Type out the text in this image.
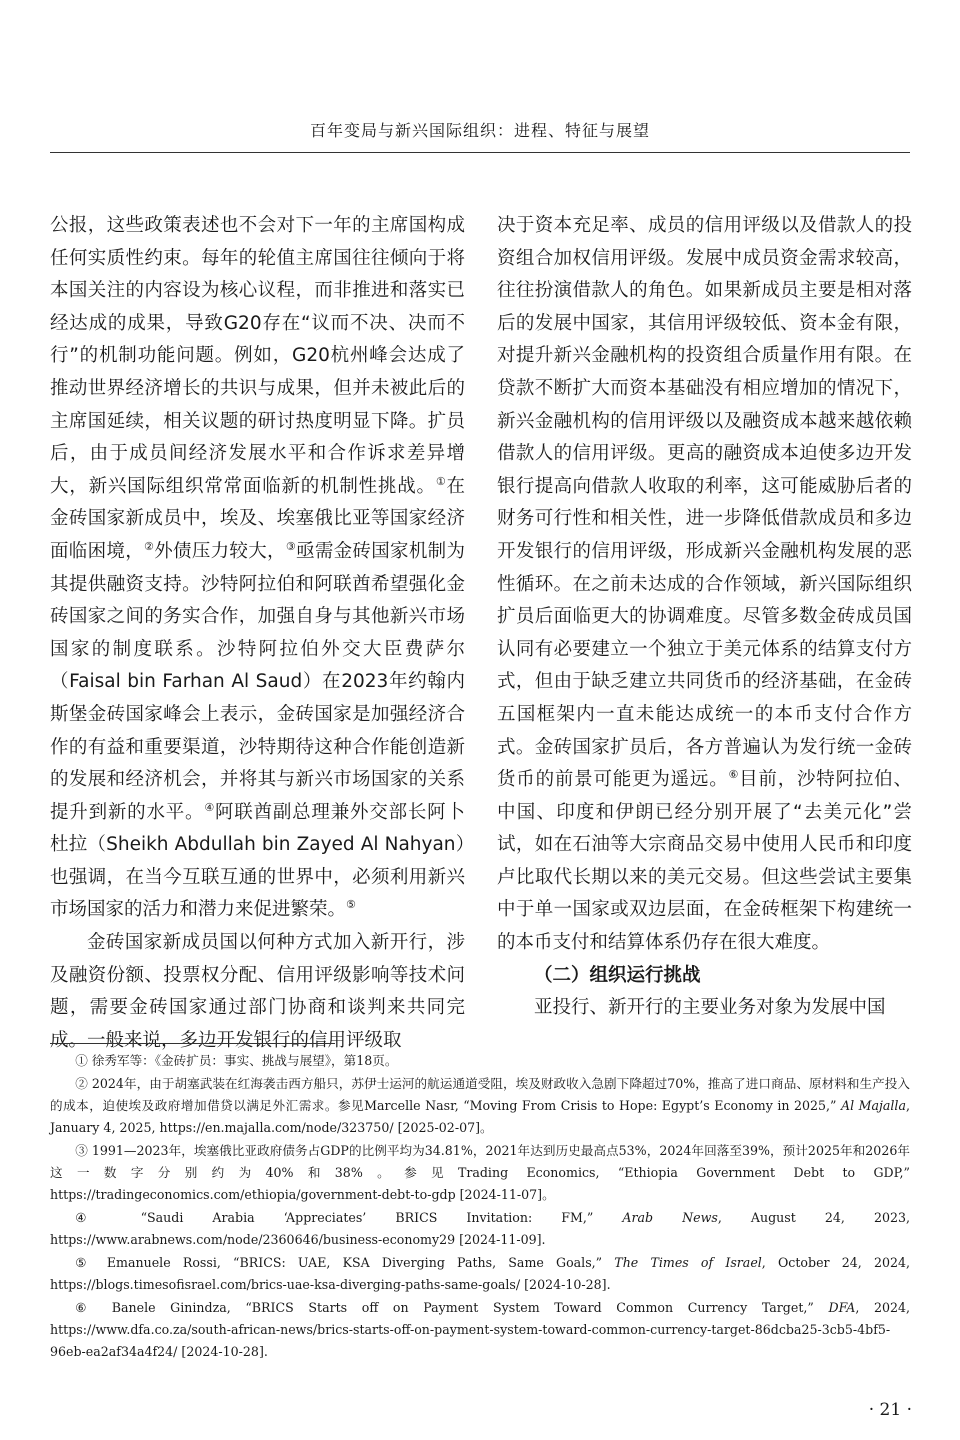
百年变局与新兴国际组织：进程、特征与展望

公报，这些政策表述也不会对下一年的主席国构成任何实质性约束。每年的轮值主席国往往倾向于将本国关注的内容设为核心议程，而非推进和落实已经达成的成果，导致G20存在“议而不决、决而不行”的机制功能问题。例如，G20杭州峰会达成了推动世界经济增长的共识与成果，但并未被此后的主席国延续，相关议题的研讨热度明显下降。扩员后，由于成员间经济发展水平和合作诉求差异增大，新兴国际组织常常面临新的机制性挑战。①在金砖国家新成员中，埃及、埃塞俄比亚等国家经济面临困境，②外债压力较大，③亟需金砖国家机制为其提供融资支持。沙特阿拉伯和阿联酋希望强化金砖国家之间的务实合作，加强自身与其他新兴市场国家的制度联系。沙特阿拉伯外交大臣费萨尔（Faisal bin Farhan Al Saud）在2023年约翰内斯堡金砖国家峰会上表示，金砖国家是加强经济合作的有益和重要渠道，沙特期待这种合作能创造新的发展和经济机会，并将其与新兴市场国家的关系提升到新的水平。④阿联酋副总理兼外交部长阿卜杜拉（Sheikh Abdullah bin Zayed Al Nahyan）也强调，在当今互联互通的世界中，必须利用新兴市场国家的活力和潜力来促进繁荣。⑤

金砖国家新成员国以何种方式加入新开行，涉及融资份额、投票权分配、信用评级影响等技术问题，需要金砖国家通过部门协商和谈判来共同完成。一般来说，多边开发银行的信用评级取

决于资本充足率、成员的信用评级以及借款人的投资组合加权信用评级。发展中成员资金需求较高，往往扮演借款人的角色。如果新成员主要是相对落后的发展中国家，其信用评级较低、资本金有限，对提升新兴金融机构的投资组合质量作用有限。在贷款不断扩大而资本基础没有相应增加的情况下，新兴金融机构的信用评级以及融资成本越来越依赖借款人的信用评级。更高的融资成本迫使多边开发银行提高向借款人收取的利率，这可能威胁后者的财务可行性和相关性，进一步降低借款成员和多边开发银行的信用评级，形成新兴金融机构发展的恶性循环。在之前未达成的合作领域，新兴国际组织扩员后面临更大的协调难度。尽管多数金砖成员国认同有必要建立一个独立于美元体系的结算支付方式，但由于缺乏建立共同货币的经济基础，在金砖五国框架内一直未能达成统一的本币支付合作方式。金砖国家扩员后，各方普遍认为发行统一金砖货币的前景可能更为遥远。⑥目前，沙特阿拉伯、中国、印度和伊朗已经分别开展了“去美元化”尝试，如在石油等大宗商品交易中使用人民币和印度卢比取代长期以来的美元交易。但这些尝试主要集中于单一国家或双边层面，在金砖框架下构建统一的本币支付和结算体系仍存在很大难度。

（二）组织运行挑战

亚投行、新开行的主要业务对象为发展中国

① 徐秀军等：《金砖扩员：事实、挑战与展望》，第18页。

② 2024年，由于胡塞武装在红海袭击西方船只，苏伊士运河的航运通道受阻，埃及财政收入急剧下降超过70%，推高了进口商品、原材料和生产投入的成本，迫使埃及政府增加借贷以满足外汇需求。参见Marcelle Nasr, “Moving From Crisis to Hope: Egypt’s Economy in 2025,” Al Majalla, January 4, 2025, https://en.majalla.com/node/323750/ [2025-02-07]。

③ 1991—2023年，埃塞俄比亚政府债务占GDP的比例平均为34.81%，2021年达到历史最高点53%，2024年回落至39%，预计2025年和2026年这一数字分别约为40%和38%。参见Trading Economics, “Ethiopia Government Debt to GDP,” https://tradingeconomics.com/ethiopia/government-debt-to-gdp [2024-11-07]。

④ “Saudi Arabia ‘Appreciates’ BRICS Invitation: FM,” Arab News, August 24, 2023, https://www.arabnews.com/node/2360646/business-economy29 [2024-11-09].

⑤ Emanuele Rossi, “BRICS: UAE, KSA Diverging Paths, Same Goals,” The Times of Israel, October 24, 2024, https://blogs.timesofisrael.com/brics-uae-ksa-diverging-paths-same-goals/ [2024-10-28].

⑥ Banele Ginindza, “BRICS Starts off on Payment System Toward Common Currency Target,” DFA, 2024, https://www.dfa.co.za/south-african-news/brics-starts-off-on-payment-system-toward-common-currency-target-86dcba25-3cb5-4bf5-96eb-ea2af34a4f24/ [2024-10-28].

· 21 ·
